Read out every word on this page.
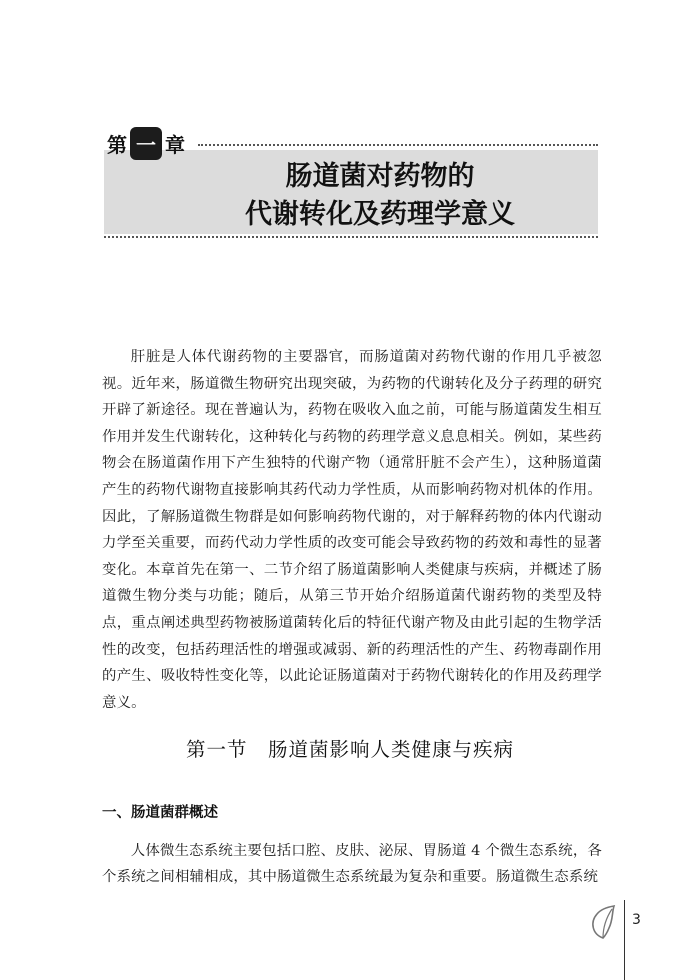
第 一 章
肠道菌对药物的
代谢转化及药理学意义

肝脏是人体代谢药物的主要器官，而肠道菌对药物代谢的作用几乎被忽视。近年来，肠道微生物研究出现突破，为药物的代谢转化及分子药理的研究开辟了新途径。现在普遍认为，药物在吸收入血之前，可能与肠道菌发生相互作用并发生代谢转化，这种转化与药物的药理学意义息息相关。例如，某些药物会在肠道菌作用下产生独特的代谢产物（通常肝脏不会产生），这种肠道菌产生的药物代谢物直接影响其药代动力学性质，从而影响药物对机体的作用。因此，了解肠道微生物群是如何影响药物代谢的，对于解释药物的体内代谢动力学至关重要，而药代动力学性质的改变可能会导致药物的药效和毒性的显著变化。本章首先在第一、二节介绍了肠道菌影响人类健康与疾病，并概述了肠道微生物分类与功能；随后，从第三节开始介绍肠道菌代谢药物的类型及特点，重点阐述典型药物被肠道菌转化后的特征代谢产物及由此引起的生物学活性的改变，包括药理活性的增强或减弱、新的药理活性的产生、药物毒副作用的产生、吸收特性变化等，以此论证肠道菌对于药物代谢转化的作用及药理学意义。

第一节　肠道菌影响人类健康与疾病
一、肠道菌群概述

人体微生态系统主要包括口腔、皮肤、泌尿、胃肠道 4 个微生态系统，各个系统之间相辅相成，其中肠道微生态系统最为复杂和重要。肠道微生态系统

3
